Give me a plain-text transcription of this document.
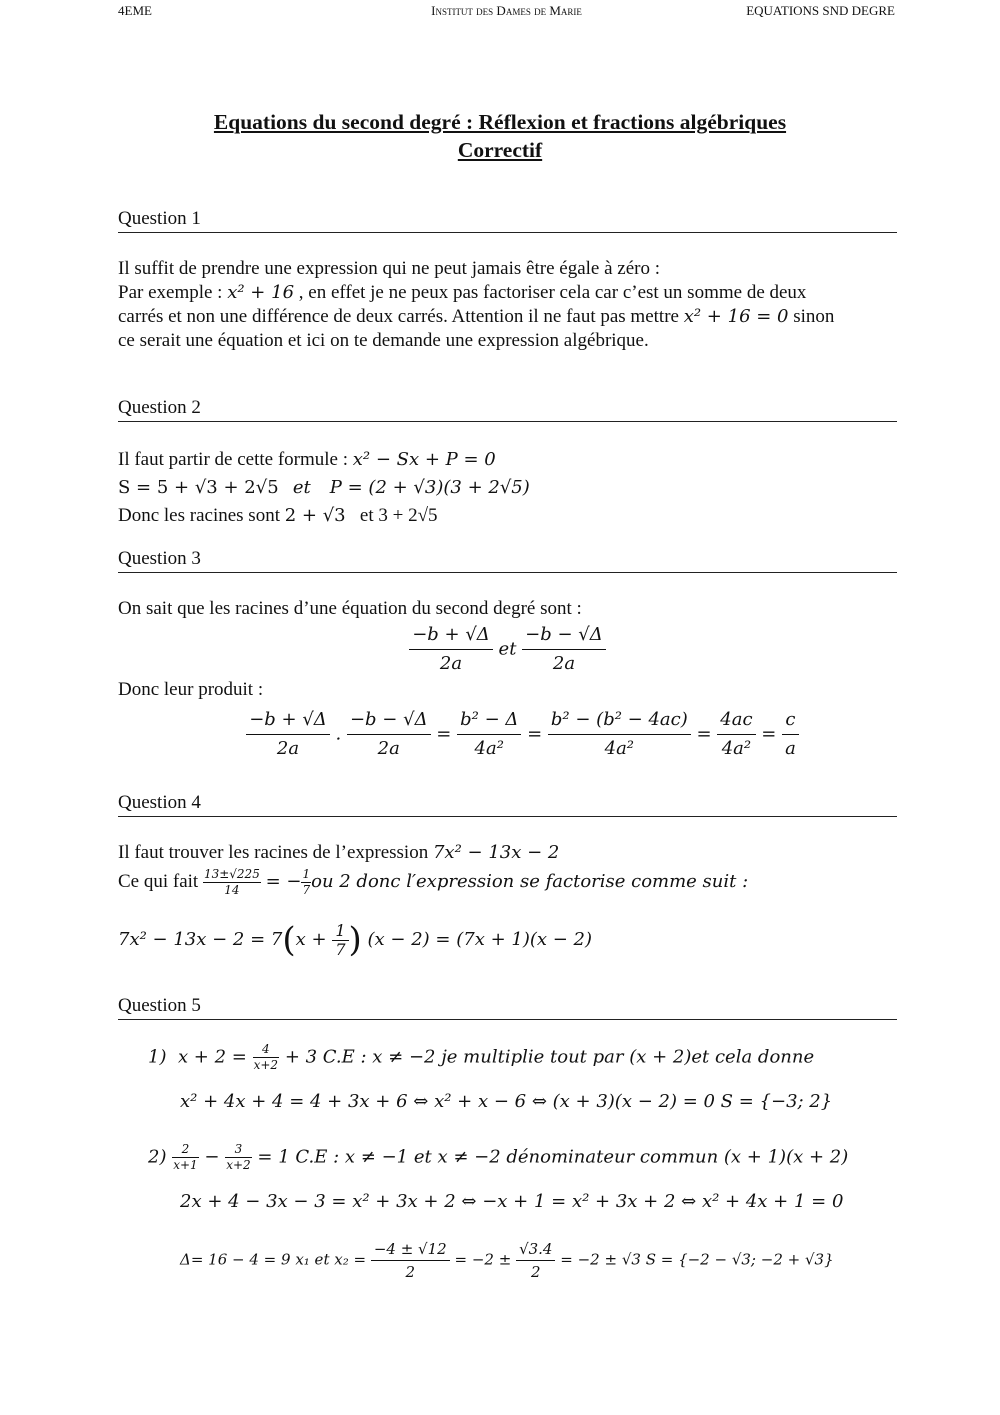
4EME	Institut des Dames de Marie	EQUATIONS SND DEGRE
Equations du second degré : Réflexion et fractions algébriques
Correctif
Question 1
Il suffit de prendre une expression qui ne peut jamais être égale à zéro :
Par exemple : x² + 16 , en effet je ne peux pas factoriser cela car c’est un somme de deux
carrés et non une différence de deux carrés. Attention il ne faut pas mettre x² + 16 = 0 sinon
ce serait une équation et ici on te demande une expression algébrique.
Question 2
Il faut partir de cette formule : x² − Sx + P = 0
S = 5 + √3 + 2√5 et P = (2 + √3)(3 + 2√5)
Donc les racines sont 2 + √3 et 3 + 2√5
Question 3
On sait que les racines d’une équation du second degré sont :
$\frac{-b + √\Delta}{2a}$ et $\frac{-b - √\Delta}{2a}$
Donc leur produit :
$\frac{-b + √\Delta}{2a}$ . $\frac{-b - √\Delta}{2a} = \frac{\text{b² − Δ}}{\text{4a²}} = \frac{\text{b² − (b² − 4ac)}}{\text{4a²}} = \frac{4ac}{\text{4a²}} = \frac{c}{a}$
Question 4
Il faut trouver les racines de l’expression 7x² − 13x − 2
Ce qui fait $\frac{13\pm√225}{14}$ = − $\frac{1}{7}$ ou 2 donc l′expression se factorise comme suit :
$7x^2 - 13x - 2 = 7(x + \frac{1}{7}$ ) (x − 2) = (7x + 1)(x − 2)
Question 5
1) $x + 2 = \frac{4}{x+2} + 3$ C.E : x ≠ −2 je multiplie tout par (x + 2)et cela donne
x² + 4x + 4 = 4 + 3x + 6 ⇔ x² + x − 6 ⇔ (x + 3)(x − 2) = 0 S = {−3; 2}
$2) \frac{2}{x+1} - \frac{3}{x+2} = 1$ C.E : x ≠ −1 et x ≠ −2 dénominateur commun (x + 1)(x + 2)
2x + 4 − 3x − 3 = x² + 3x + 2 ⇔ −x + 1 = x² + 3x + 2 ⇔ x² + 4x + 1 = 0
Δ= 16 − 4 = 9 x₁ et $x_2 = \frac{-4 \pm √12}{2} = -2 \pm \frac{√3.4}{2} = -2 \pm √3$ S = {−2 − √3; −2 + √3}
